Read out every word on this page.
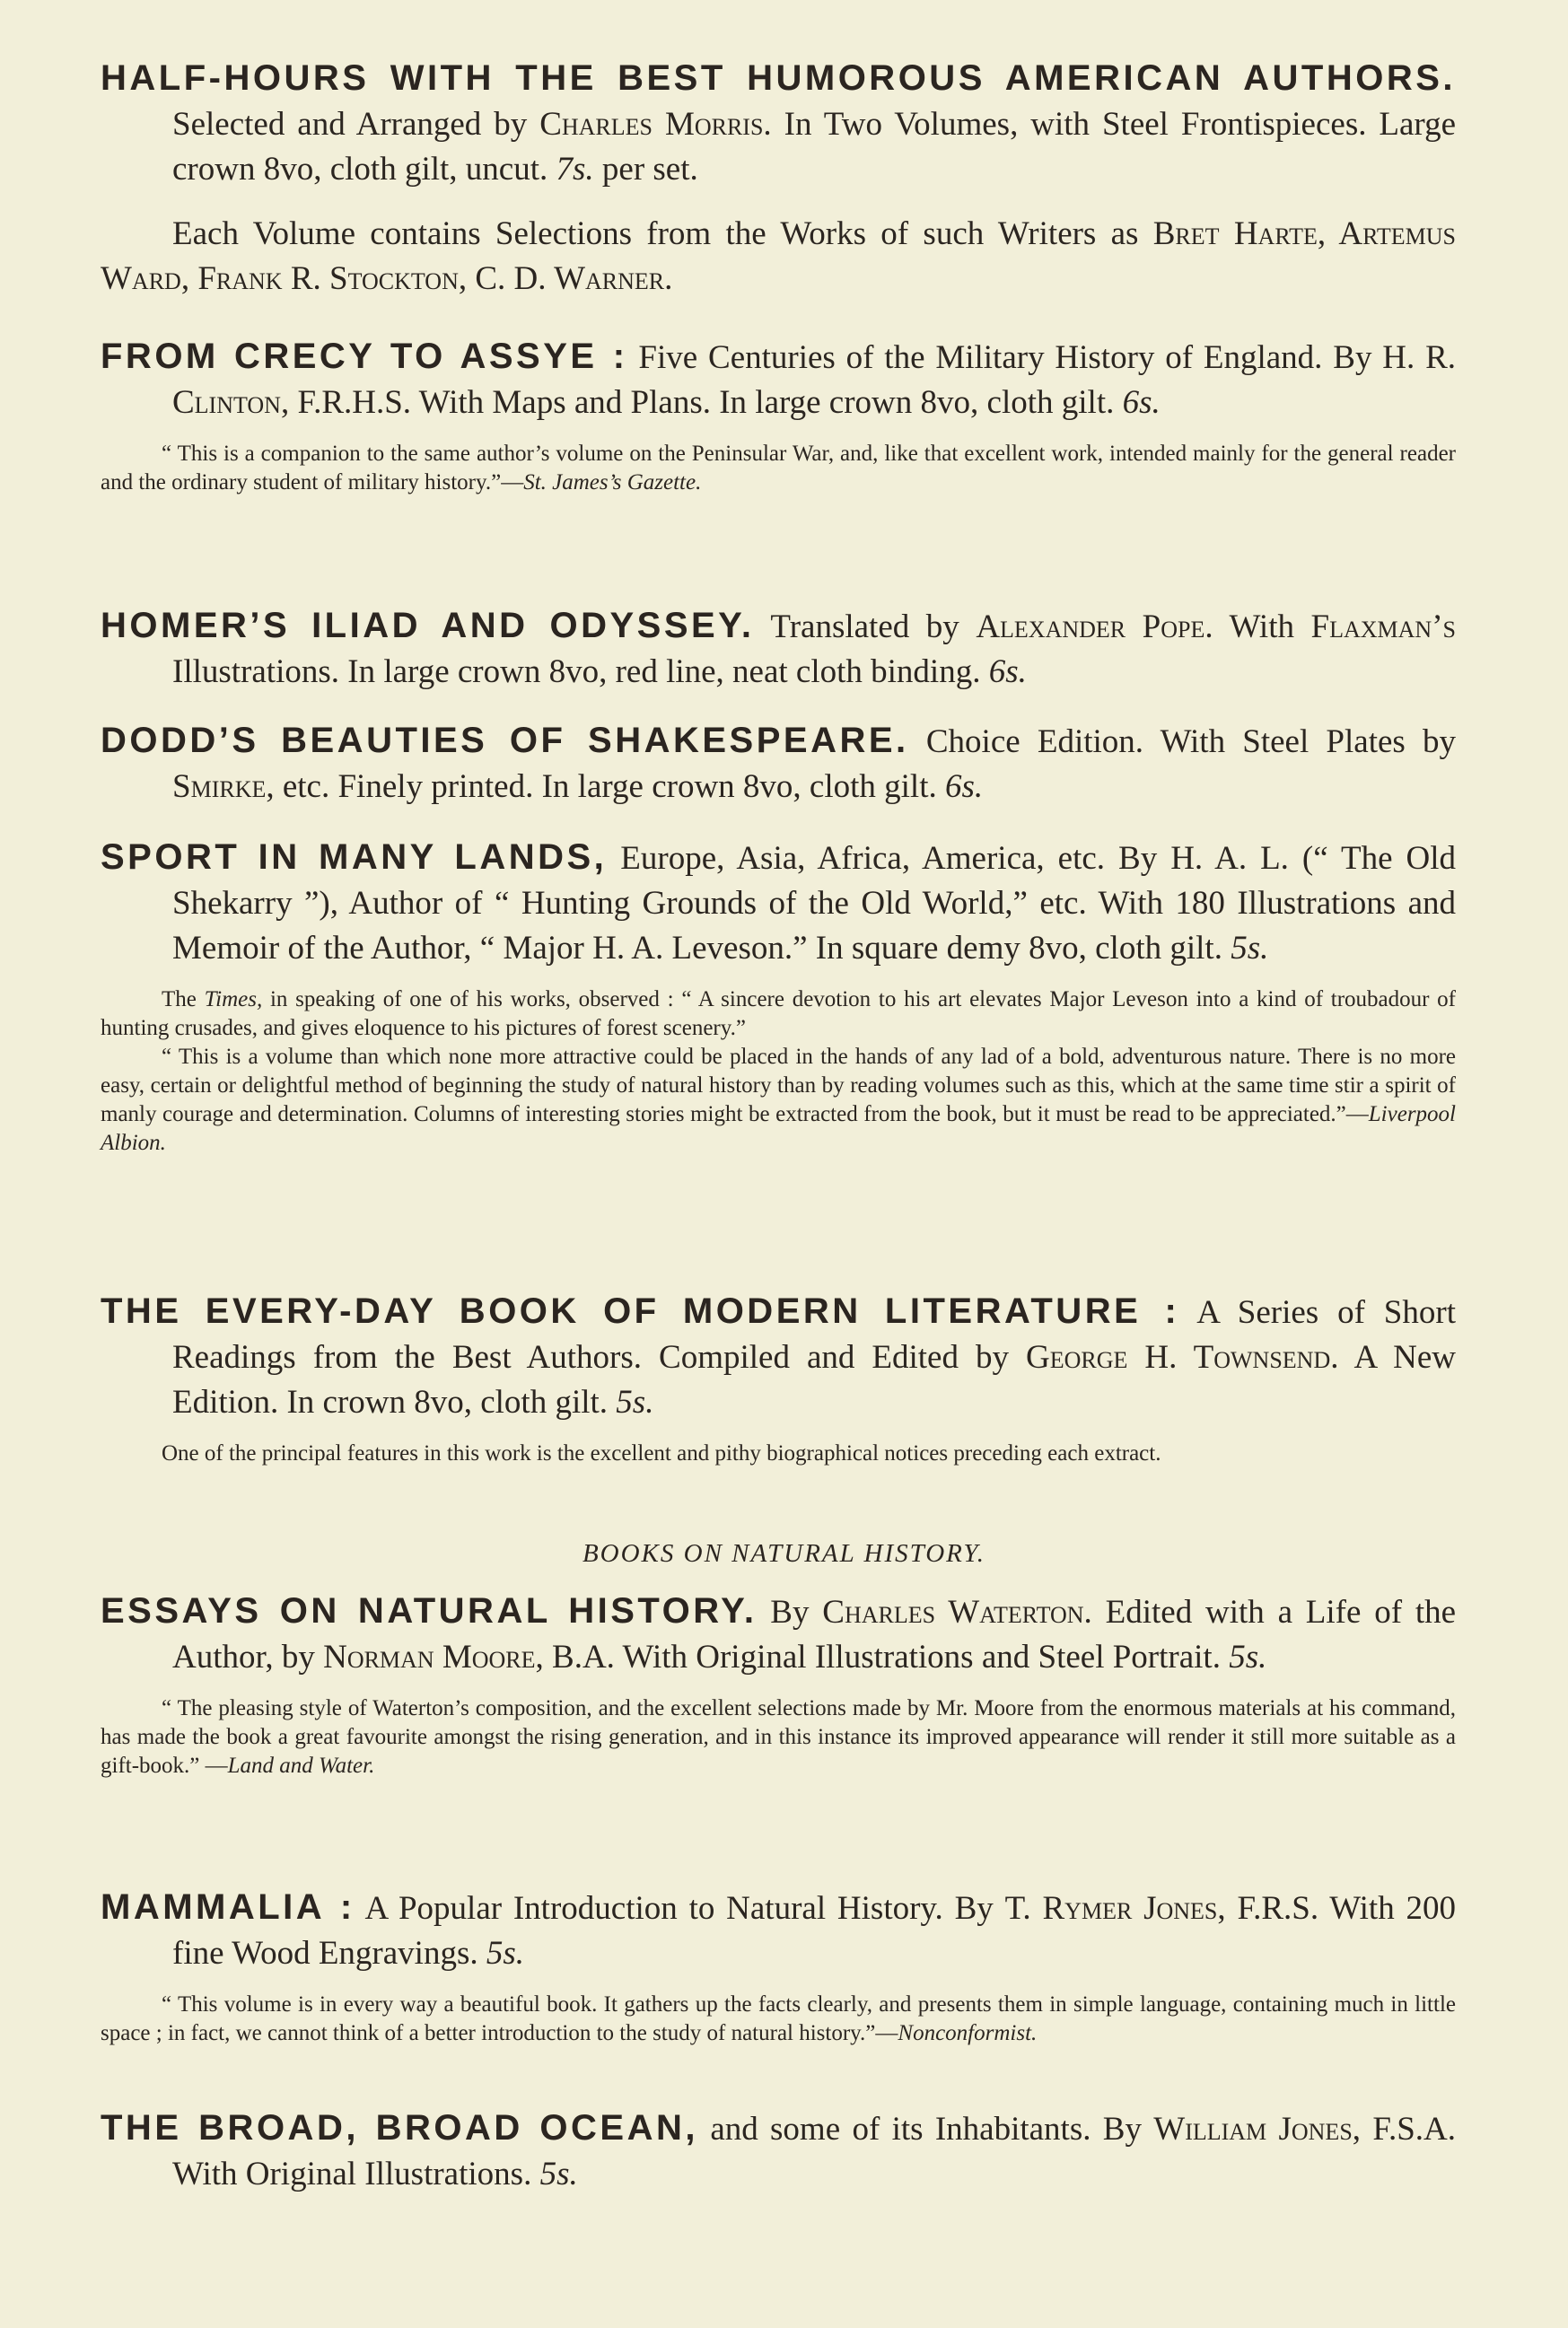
HALF-HOURS WITH THE BEST HUMOROUS AMERICAN AUTHORS. Selected and Arranged by Charles Morris. In Two Volumes, with Steel Frontispieces. Large crown 8vo, cloth gilt, uncut. 7s. per set.
Each Volume contains Selections from the Works of such Writers as Bret Harte, Artemus Ward, Frank R. Stockton, C. D. Warner.
FROM CRECY TO ASSYE : Five Centuries of the Military History of England. By H. R. Clinton, F.R.H.S. With Maps and Plans. In large crown 8vo, cloth gilt. 6s.
“ This is a companion to the same author’s volume on the Peninsular War, and, like that excellent work, intended mainly for the general reader and the ordinary student of military history.”—St. James’s Gazette.
HOMER’S ILIAD AND ODYSSEY. Translated by Alexander Pope. With Flaxman’s Illustrations. In large crown 8vo, red line, neat cloth binding. 6s.
DODD’S BEAUTIES OF SHAKESPEARE. Choice Edition. With Steel Plates by Smirke, etc. Finely printed. In large crown 8vo, cloth gilt. 6s.
SPORT IN MANY LANDS, Europe, Asia, Africa, America, etc. By H. A. L. (“ The Old Shekarry ”), Author of “ Hunting Grounds of the Old World,” etc. With 180 Illustrations and Memoir of the Author, “ Major H. A. Leveson.” In square demy 8vo, cloth gilt. 5s.
The Times, in speaking of one of his works, observed : “ A sincere devotion to his art elevates Major Leveson into a kind of troubadour of hunting crusades, and gives eloquence to his pictures of forest scenery.”
“ This is a volume than which none more attractive could be placed in the hands of any lad of a bold, adventurous nature. There is no more easy, certain or delightful method of beginning the study of natural history than by reading volumes such as this, which at the same time stir a spirit of manly courage and determination. Columns of interesting stories might be extracted from the book, but it must be read to be appreciated.”—Liverpool Albion.
THE EVERY-DAY BOOK OF MODERN LITERATURE : A Series of Short Readings from the Best Authors. Compiled and Edited by George H. Townsend. A New Edition. In crown 8vo, cloth gilt. 5s.
One of the principal features in this work is the excellent and pithy biographical notices preceding each extract.
BOOKS ON NATURAL HISTORY.
ESSAYS ON NATURAL HISTORY. By Charles Waterton. Edited with a Life of the Author, by Norman Moore, B.A. With Original Illustrations and Steel Portrait. 5s.
“ The pleasing style of Waterton’s composition, and the excellent selections made by Mr. Moore from the enormous materials at his command, has made the book a great favourite amongst the rising generation, and in this instance its improved appearance will render it still more suitable as a gift-book.” —Land and Water.
MAMMALIA : A Popular Introduction to Natural History. By T. Rymer Jones, F.R.S. With 200 fine Wood Engravings. 5s.
“ This volume is in every way a beautiful book. It gathers up the facts clearly, and presents them in simple language, containing much in little space ; in fact, we cannot think of a better introduction to the study of natural history.”—Nonconformist.
THE BROAD, BROAD OCEAN, and some of its Inhabitants. By William Jones, F.S.A. With Original Illustrations. 5s.
